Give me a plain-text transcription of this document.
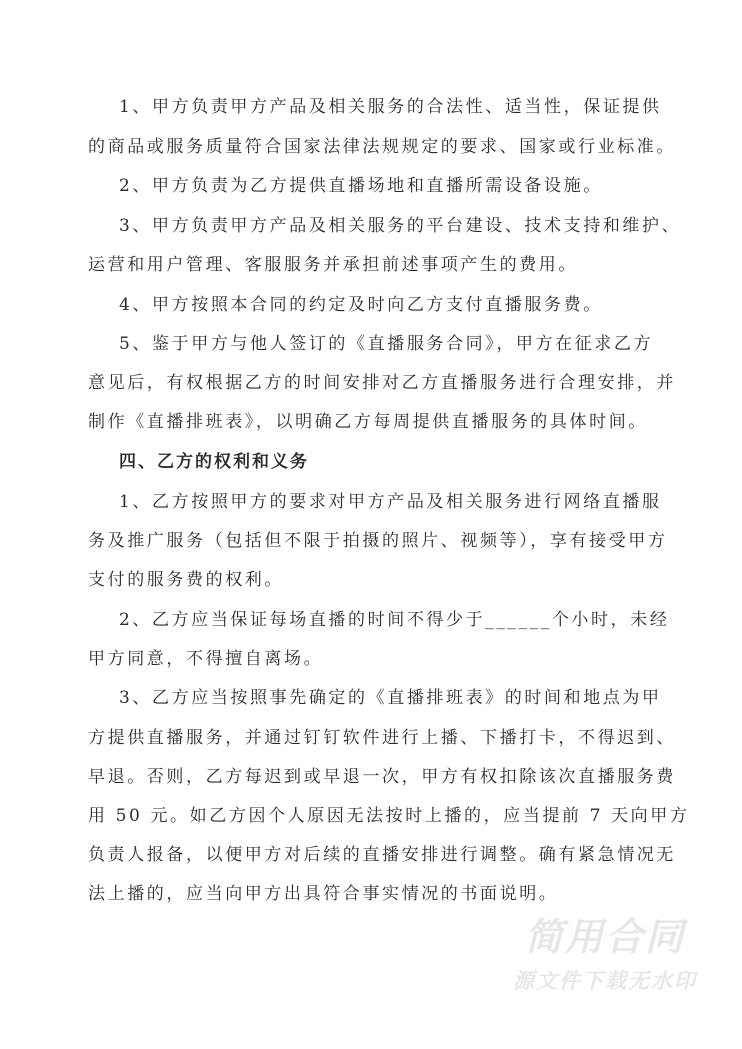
1、甲方负责甲方产品及相关服务的合法性、适当性，保证提供
的商品或服务质量符合国家法律法规规定的要求、国家或行业标准。
2、甲方负责为乙方提供直播场地和直播所需设备设施。
3、甲方负责甲方产品及相关服务的平台建设、技术支持和维护、
运营和用户管理、客服服务并承担前述事项产生的费用。
4、甲方按照本合同的约定及时向乙方支付直播服务费。
5、鉴于甲方与他人签订的《直播服务合同》，甲方在征求乙方
意见后，有权根据乙方的时间安排对乙方直播服务进行合理安排，并
制作《直播排班表》，以明确乙方每周提供直播服务的具体时间。
四、乙方的权利和义务
1、乙方按照甲方的要求对甲方产品及相关服务进行网络直播服
务及推广服务（包括但不限于拍摄的照片、视频等），享有接受甲方
支付的服务费的权利。
2、乙方应当保证每场直播的时间不得少于______个小时，未经
甲方同意，不得擅自离场。
3、乙方应当按照事先确定的《直播排班表》的时间和地点为甲
方提供直播服务，并通过钉钉软件进行上播、下播打卡，不得迟到、
早退。否则，乙方每迟到或早退一次，甲方有权扣除该次直播服务费
用 50 元。如乙方因个人原因无法按时上播的，应当提前 7 天向甲方
负责人报备，以便甲方对后续的直播安排进行调整。确有紧急情况无
法上播的，应当向甲方出具符合事实情况的书面说明。
简用合同
源文件下载无水印
